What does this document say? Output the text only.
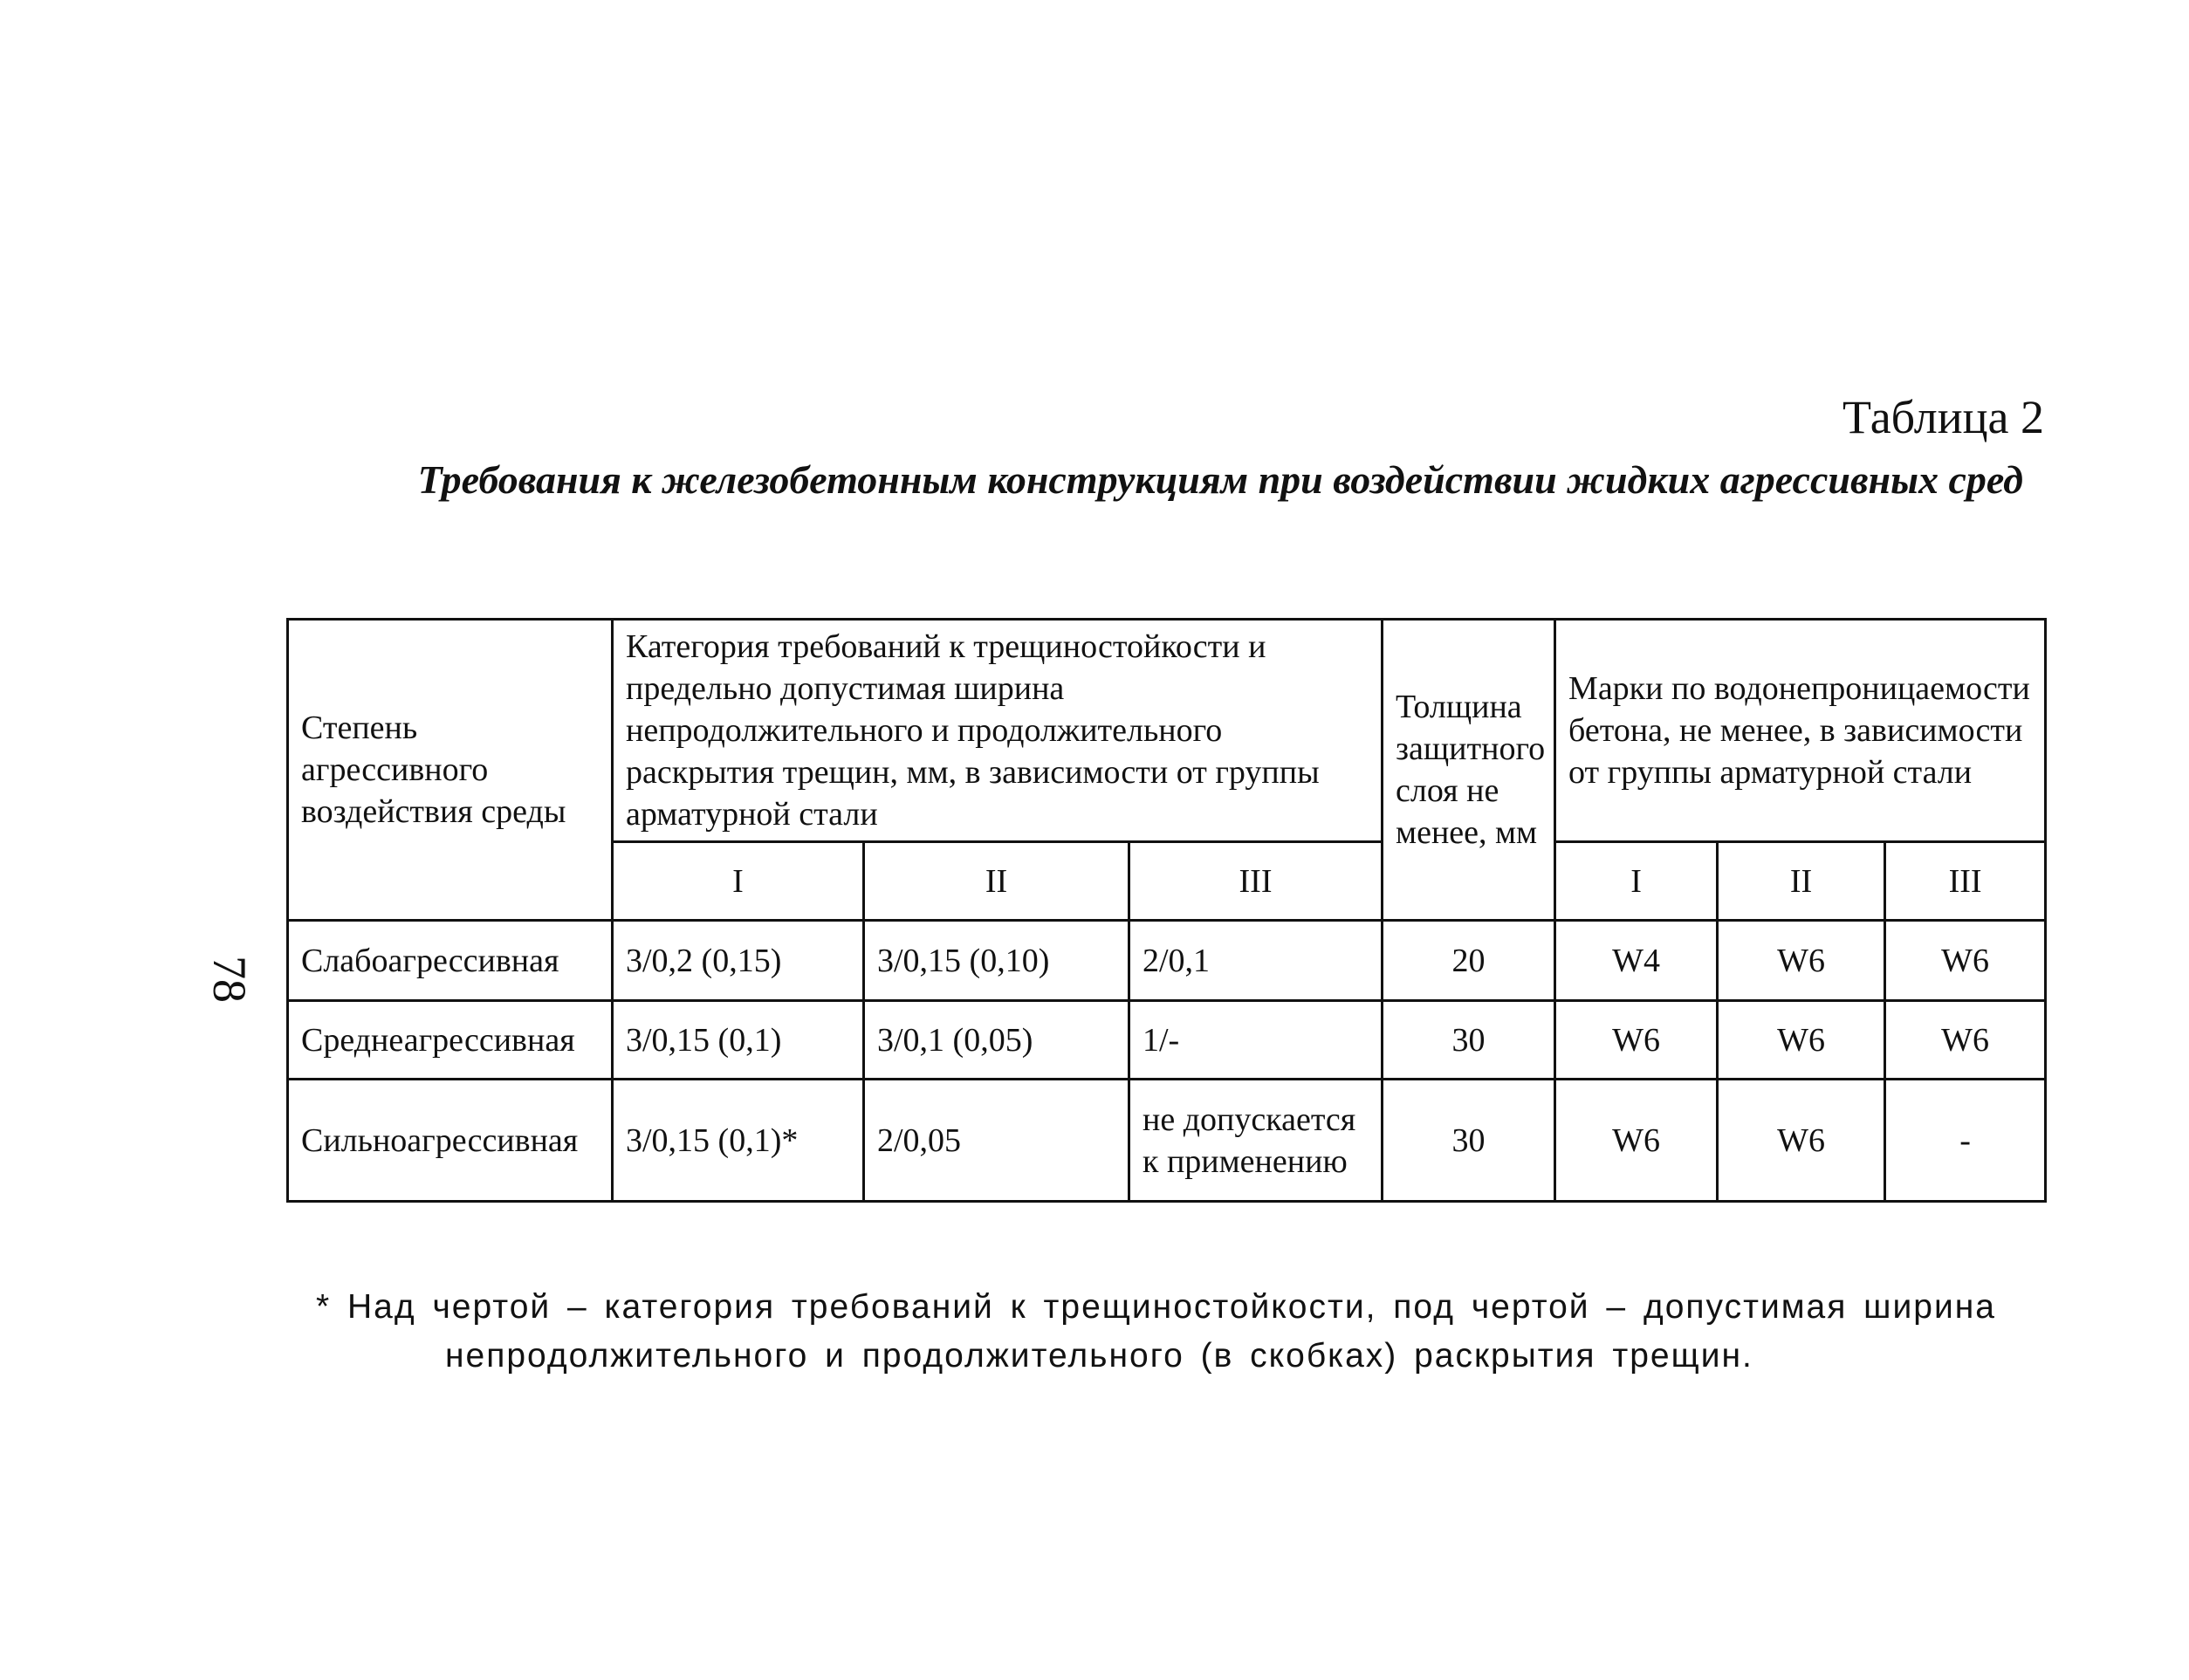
78
Таблица 2
Требования к железобетонным конструкциям при воздействии жидких агрессивных сред
Степень агрессивного воздействия среды	Категория требований к трещиностойкости и предельно допустимая ширина непродолжительного и продолжительного раскрытия трещин, мм, в зависимости от группы арматурной стали			Толщина защитного слоя не менее, мм	Марки по водонепроницаемости бетона, не менее, в зависимости от группы арматурной стали		
	I	II	III		I	II	III
Слабоагрессивная	3/0,2 (0,15)	3/0,15 (0,10)	2/0,1	20	W4	W6	W6
Среднеагрессивная	3/0,15 (0,1)	3/0,1 (0,05)	1/-	30	W6	W6	W6
Сильноагрессивная	3/0,15 (0,1)*	2/0,05	не допускается к применению	30	W6	W6	-
* Над чертой – категория требований к трещиностойкости, под чертой – допустимая ширина
непродолжительного и продолжительного (в скобках) раскрытия трещин.
